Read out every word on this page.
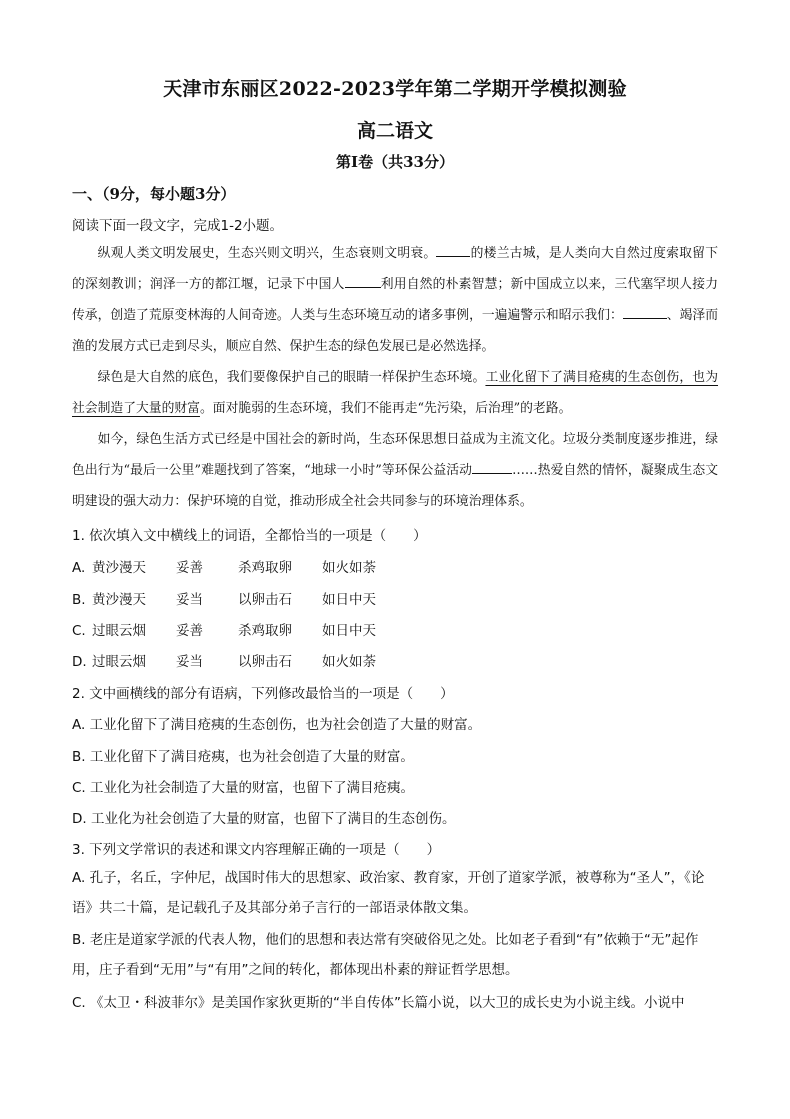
天津市东丽区2022-2023学年第二学期开学模拟测验
高二语文
第Ⅰ卷（共33分）
一、（9分，每小题3分）
阅读下面一段文字，完成1-2小题。
纵观人类文明发展史，生态兴则文明兴，生态衰则文明衰。	的楼兰古城，是人类向大自然过度索取留下的深刻教训；润泽一方的都江堰，记录下中国人	利用自然的朴素智慧；新中国成立以来，三代塞罕坝人接力传承，创造了荒原变林海的人间奇迹。人类与生态环境互动的诸多事例，一遍遍警示和昭示我们：	、竭泽而渔的发展方式已走到尽头，顺应自然、保护生态的绿色发展已是必然选择。
绿色是大自然的底色，我们要像保护自己的眼睛一样保护生态环境。工业化留下了满目疮痍的生态创伤，也为社会制造了大量的财富。面对脆弱的生态环境，我们不能再走“先污染，后治理”的老路。
如今，绿色生活方式已经是中国社会的新时尚，生态环保思想日益成为主流文化。垃圾分类制度逐步推进，绿色出行为“最后一公里”难题找到了答案，“地球一小时”等环保公益活动	……热爱自然的情怀，凝聚成生态文明建设的强大动力：保护环境的自觉，推动形成全社会共同参与的环境治理体系。
1. 依次填入文中横线上的词语，全都恰当的一项是（　　）
A. 黄沙漫天 妥善	杀鸡取卵 如火如荼
B. 黄沙漫天 妥当	以卵击石 如日中天
C. 过眼云烟 妥善	杀鸡取卵 如日中天
D. 过眼云烟 妥当	以卵击石 如火如荼
2. 文中画横线的部分有语病，下列修改最恰当的一项是（　　）
A. 工业化留下了满目疮痍的生态创伤，也为社会创造了大量的财富。
B. 工业化留下了满目疮痍，也为社会创造了大量的财富。
C. 工业化为社会制造了大量的财富，也留下了满目疮痍。
D. 工业化为社会创造了大量的财富，也留下了满目的生态创伤。
3. 下列文学常识的表述和课文内容理解正确的一项是（　　）
A. 孔子，名丘，字仲尼，战国时伟大的思想家、政治家、教育家，开创了道家学派，被尊称为“圣人”，《论语》共二十篇，是记载孔子及其部分弟子言行的一部语录体散文集。
B. 老庄是道家学派的代表人物，他们的思想和表达常有突破俗见之处。比如老子看到“有”依赖于“无”起作用，庄子看到“无用”与“有用”之间的转化，都体现出朴素的辩证哲学思想。
C. 《太卫・科波菲尔》是美国作家狄更斯的“半自传体”长篇小说，以大卫的成长史为小说主线。小说中
